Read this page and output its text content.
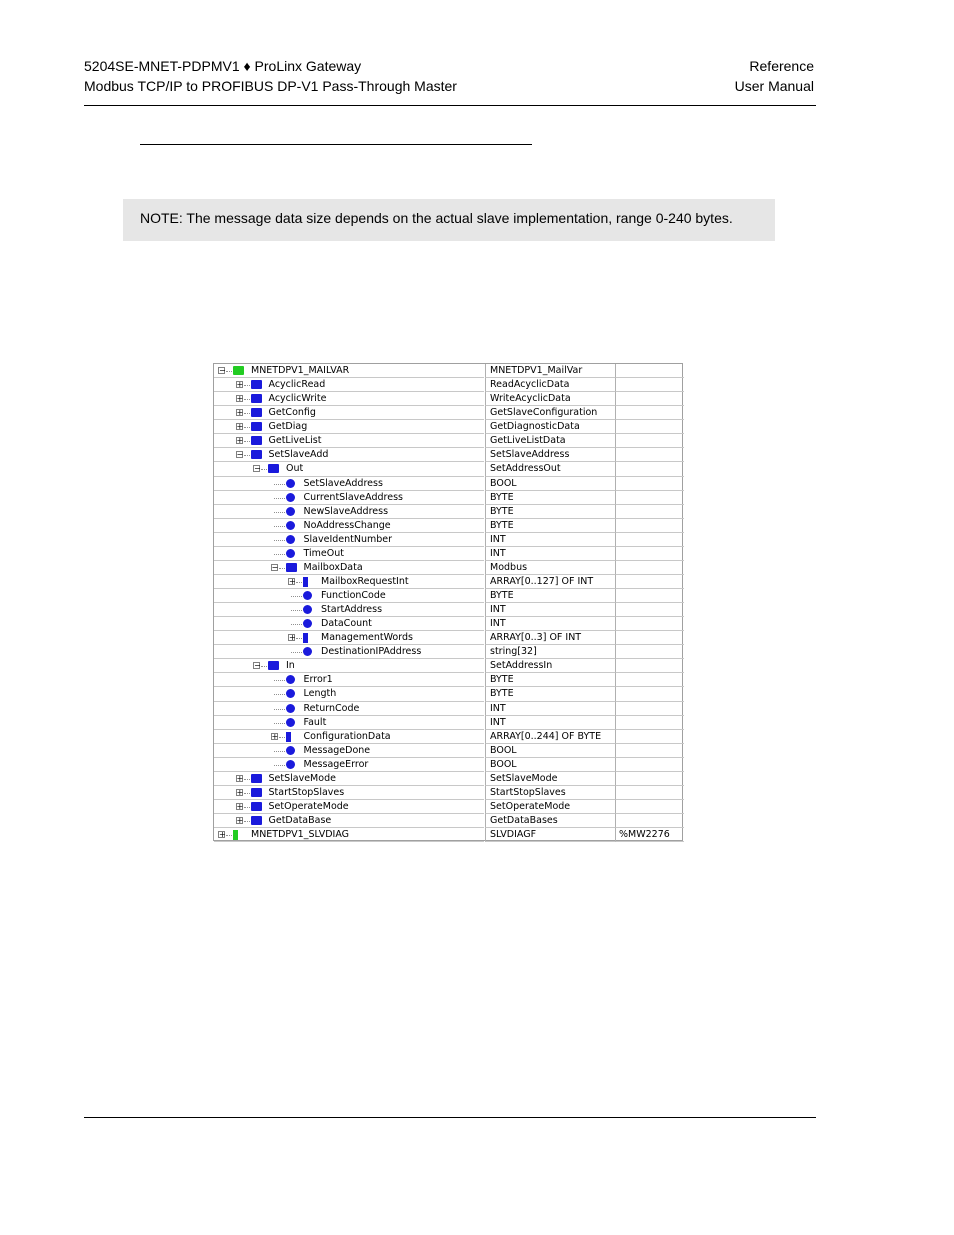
5204SE-MNET-PDPMV1 ♦ ProLinx Gateway
Modbus TCP/IP to PROFIBUS DP-V1 Pass-Through Master
Reference
User Manual
NOTE: The message data size depends on the actual slave implementation, range 0-240 bytes.
−	MNETDPV1_MAILVAR	MNETDPV1_MailVar
+	AcyclicRead	ReadAcyclicData
+	AcyclicWrite	WriteAcyclicData
+	GetConfig	GetSlaveConfiguration
+	GetDiag	GetDiagnosticData
+	GetLiveList	GetLiveListData
−	SetSlaveAdd	SetSlaveAddress
−	Out	SetAddressOut
SetSlaveAddress	BOOL
CurrentSlaveAddress	BYTE
NewSlaveAddress	BYTE
NoAddressChange	BYTE
SlaveIdentNumber	INT
TimeOut	INT
−	MailboxData	Modbus
+	MailboxRequestInt	ARRAY[0..127] OF INT
FunctionCode	BYTE
StartAddress	INT
DataCount	INT
+	ManagementWords	ARRAY[0..3] OF INT
DestinationIPAddress	string[32]
−	In	SetAddressIn
Error1	BYTE
Length	BYTE
ReturnCode	INT
Fault	INT
+	ConfigurationData	ARRAY[0..244] OF BYTE
MessageDone	BOOL
MessageError	BOOL
+	SetSlaveMode	SetSlaveMode
+	StartStopSlaves	StartStopSlaves
+	SetOperateMode	SetOperateMode
+	GetDataBase	GetDataBases
+	MNETDPV1_SLVDIAG	SLVDIAGF	%MW2276
